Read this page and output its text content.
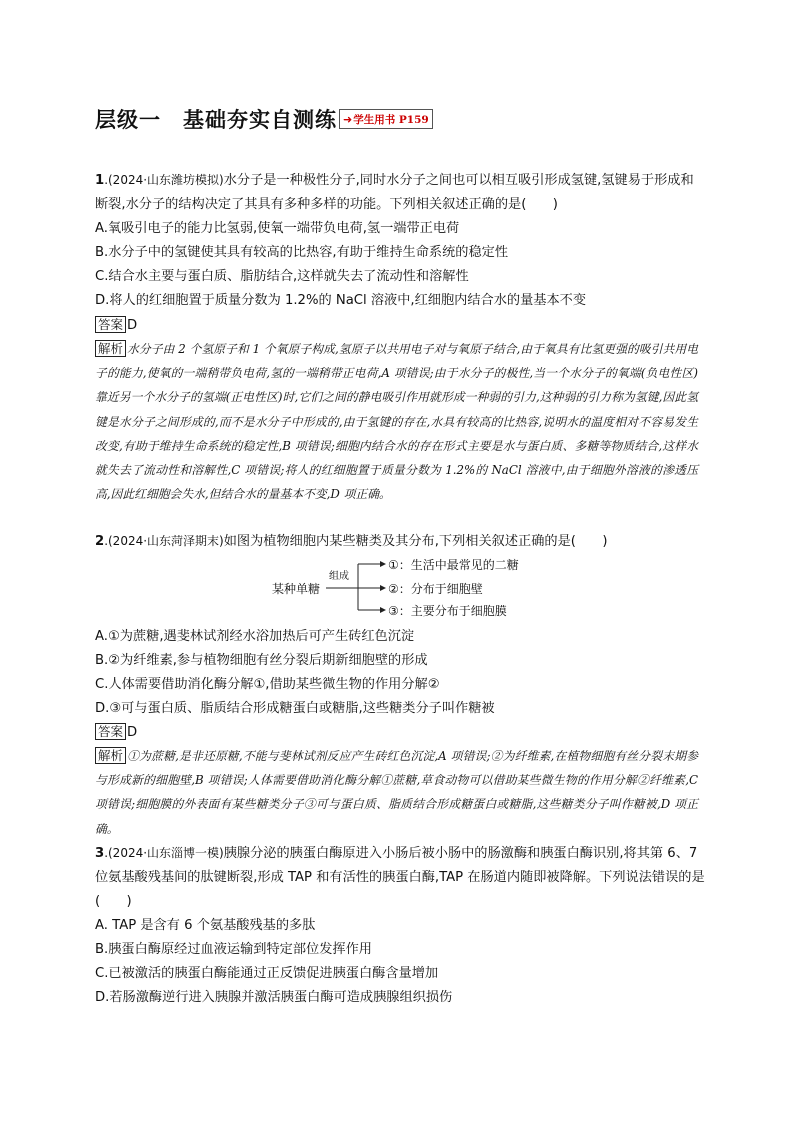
层级一　基础夯实自测练 ➜ 学生用书 P159
1.(2024·山东潍坊模拟)水分子是一种极性分子,同时水分子之间也可以相互吸引形成氢键,氢键易于形成和断裂,水分子的结构决定了其具有多种多样的功能。下列相关叙述正确的是(　　)
A.氧吸引电子的能力比氢弱,使氧一端带负电荷,氢一端带正电荷
B.水分子中的氢键使其具有较高的比热容,有助于维持生命系统的稳定性
C.结合水主要与蛋白质、脂肪结合,这样就失去了流动性和溶解性
D.将人的红细胞置于质量分数为 1.2%的 NaCl 溶液中,红细胞内结合水的量基本不变
答案 D
解析 水分子由 2 个氢原子和 1 个氧原子构成,氢原子以共用电子对与氧原子结合,由于氧具有比氢更强的吸引共用电子的能力,使氧的一端稍带负电荷,氢的一端稍带正电荷,A 项错误;由于水分子的极性,当一个水分子的氧端(负电性区)靠近另一个水分子的氢端(正电性区)时,它们之间的静电吸引作用就形成一种弱的引力,这种弱的引力称为氢键,因此氢键是水分子之间形成的,而不是水分子中形成的,由于氢键的存在,水具有较高的比热容,说明水的温度相对不容易发生改变,有助于维持生命系统的稳定性,B 项错误;细胞内结合水的存在形式主要是水与蛋白质、多糖等物质结合,这样水就失去了流动性和溶解性,C 项错误;将人的红细胞置于质量分数为 1.2%的 NaCl 溶液中,由于细胞外溶液的渗透压高,因此红细胞会失水,但结合水的量基本不变,D 项正确。
2.(2024·山东菏泽期末)如图为植物细胞内某些糖类及其分布,下列相关叙述正确的是(　　)
某种单糖
组成
①：生活中最常见的二糖
②：分布于细胞壁
③：主要分布于细胞膜
A.①为蔗糖,遇斐林试剂经水浴加热后可产生砖红色沉淀
B.②为纤维素,参与植物细胞有丝分裂后期新细胞壁的形成
C.人体需要借助消化酶分解①,借助某些微生物的作用分解②
D.③可与蛋白质、脂质结合形成糖蛋白或糖脂,这些糖类分子叫作糖被
答案 D
解析 ①为蔗糖,是非还原糖,不能与斐林试剂反应产生砖红色沉淀,A 项错误;②为纤维素,在植物细胞有丝分裂末期参与形成新的细胞壁,B 项错误;人体需要借助消化酶分解①蔗糖,草食动物可以借助某些微生物的作用分解②纤维素,C 项错误;细胞膜的外表面有某些糖类分子③可与蛋白质、脂质结合形成糖蛋白或糖脂,这些糖类分子叫作糖被,D 项正确。
3.(2024·山东淄博一模)胰腺分泌的胰蛋白酶原进入小肠后被小肠中的肠激酶和胰蛋白酶识别,将其第 6、7 位氨基酸残基间的肽键断裂,形成 TAP 和有活性的胰蛋白酶,TAP 在肠道内随即被降解。下列说法错误的是(　　)
A. TAP 是含有 6 个氨基酸残基的多肽
B.胰蛋白酶原经过血液运输到特定部位发挥作用
C.已被激活的胰蛋白酶能通过正反馈促进胰蛋白酶含量增加
D.若肠激酶逆行进入胰腺并激活胰蛋白酶可造成胰腺组织损伤
